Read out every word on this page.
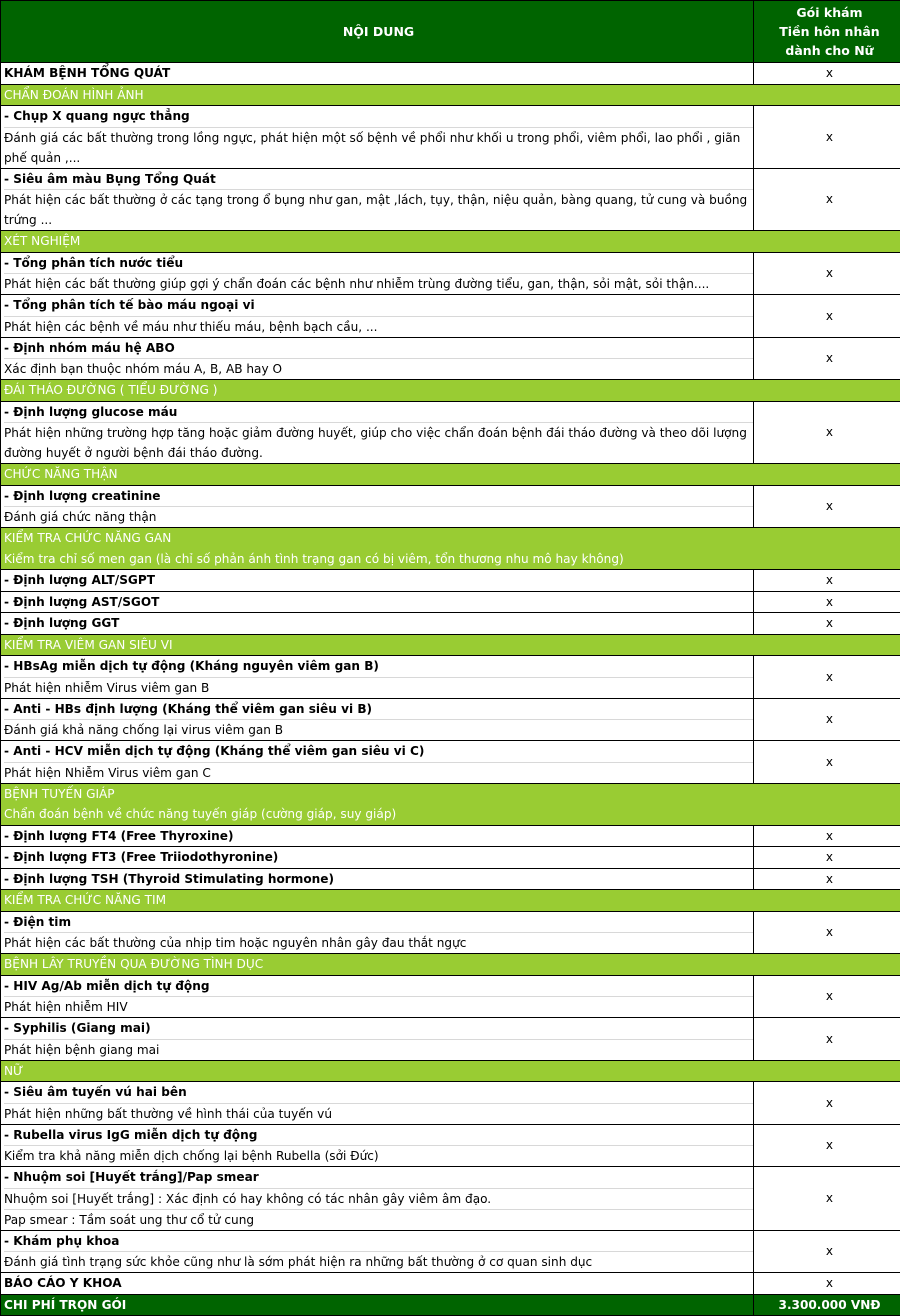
NỘI DUNG	Gói khám
Tiền hôn nhân
dành cho Nữ

KHÁM BỆNH TỔNG QUÁT	x
CHẨN ĐOÁN HÌNH ẢNH	

- Chụp X quang ngực thẳng
Đánh giá các bất thường trong lồng ngực, phát hiện một số bệnh về phổi như khối u trong phổi, viêm phổi, lao phổi , giãn phế quản ,...	x

- Siêu âm màu Bụng Tổng Quát
Phát hiện các bất thường ở các tạng trong ổ bụng như gan, mật ,lách, tụy, thận, niệu quản, bàng quang, tử cung và buồng trứng ...	x
XÉT NGHIỆM	

- Tổng phân tích nước tiểu
Phát hiện các bất thường giúp gợi ý chẩn đoán các bệnh như nhiễm trùng đường tiểu, gan, thận, sỏi mật, sỏi thận....	x

- Tổng phân tích tế bào máu ngoại vi
Phát hiện các bệnh về máu như thiếu máu, bệnh bạch cầu, ...	x

- Định nhóm máu hệ ABO
Xác định bạn thuộc nhóm máu A, B, AB hay O	x
ĐÁI THÁO ĐƯỜNG ( TIỂU ĐƯỜNG )	

- Định lượng glucose máu
Phát hiện những trường hợp tăng hoặc giảm đường huyết, giúp cho việc chẩn đoán bệnh đái tháo đường và theo dõi lượng đường huyết ở người bệnh đái tháo đường.	x
CHỨC NĂNG THẬN	

- Định lượng creatinine
Đánh giá chức năng thận	x

KIỂM TRA CHỨC NĂNG GAN
Kiểm tra chỉ số men gan (là chỉ số phản ánh tình trạng gan có bị viêm, tổn thương nhu mô hay không)	

- Định lượng ALT/SGPT	x

- Định lượng AST/SGOT	x

- Định lượng GGT	x
KIỂM TRA VIÊM GAN SIÊU VI	

- HBsAg miễn dịch tự động (Kháng nguyên viêm gan B)
Phát hiện nhiễm Virus viêm gan B	x

- Anti - HBs định lượng (Kháng thể viêm gan siêu vi B)
Đánh giá khả năng chống lại virus viêm gan B	x

- Anti - HCV miễn dịch tự động (Kháng thể viêm gan siêu vi C)
Phát hiện Nhiễm Virus viêm gan C	x

BỆNH TUYẾN GIÁP
Chẩn đoán bệnh về chức năng tuyến giáp (cường giáp, suy giáp)	

- Định lượng FT4 (Free Thyroxine)	x

- Định lượng FT3 (Free Triiodothyronine)	x

- Định lượng TSH (Thyroid Stimulating hormone)	x
KIỂM TRA CHỨC NĂNG TIM	

- Điện tim
Phát hiện các bất thường của nhịp tim hoặc nguyên nhân gây đau thắt ngực	x
BỆNH LÂY TRUYỀN QUA ĐƯỜNG TÌNH DỤC	

- HIV Ag/Ab miễn dịch tự động
Phát hiện nhiễm HIV	x

- Syphilis (Giang mai)
Phát hiện bệnh giang mai	x
NỮ	

- Siêu âm tuyến vú hai bên
Phát hiện những bất thường về hình thái của tuyến vú	x

- Rubella virus IgG miễn dịch tự động
Kiểm tra khả năng miễn dịch chống lại bệnh Rubella (sởi Đức)	x

- Nhuộm soi [Huyết trắng]/Pap smear
Nhuộm soi [Huyết trắng] : Xác định có hay không có tác nhân gây viêm âm đạo.
Pap smear : Tầm soát ung thư cổ tử cung	x

- Khám phụ khoa
Đánh giá tình trạng sức khỏe cũng như là sớm phát hiện ra những bất thường ở cơ quan sinh dục	x

BÁO CÁO Y KHOA	x
CHI PHÍ TRỌN GÓI	3.300.000 VNĐ
